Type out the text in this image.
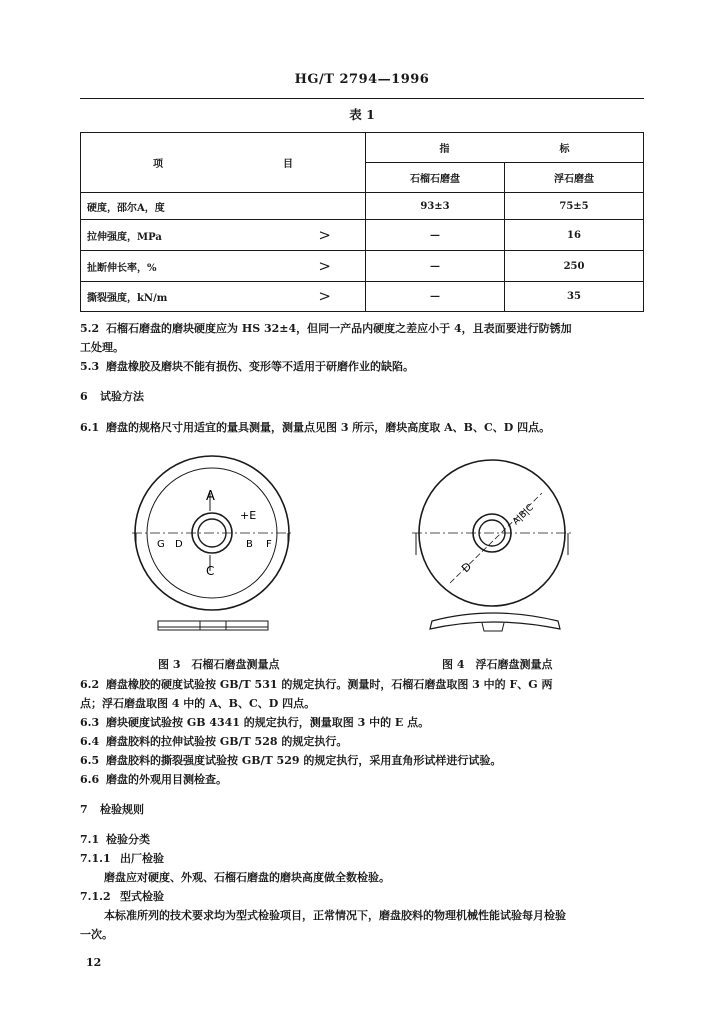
HG/T 2794—1996
表 1
项 目	指 标	
	石榴石磨盘	浮石磨盘
硬度，邵尔A，度	93±3	75±5
拉伸强度，MPa >	—	16
扯断伸长率，% >	—	250
撕裂强度，kN/m >	—	35
5.2 石榴石磨盘的磨块硬度应为 HS 32±4，但同一产品内硬度之差应小于 4，且表面要进行防锈加
工处理。
5.3 磨盘橡胶及磨块不能有损伤、变形等不适用于研磨作业的缺陷。
6 试验方法
6.1 磨盘的规格尺寸用适宜的量具测量，测量点见图 3 所示，磨块高度取 A、B、C、D 四点。
A
+E
G D	B F
C	D
A|B|C
图 3　石榴石磨盘测量点	图 4　浮石磨盘测量点
6.2 磨盘橡胶的硬度试验按 GB/T 531 的规定执行。测量时，石榴石磨盘取图 3 中的 F、G 两
点；浮石磨盘取图 4 中的 A、B、C、D 四点。
6.3 磨块硬度试验按 GB 4341 的规定执行，测量取图 3 中的 E 点。
6.4 磨盘胶料的拉伸试验按 GB/T 528 的规定执行。
6.5 磨盘胶料的撕裂强度试验按 GB/T 529 的规定执行，采用直角形试样进行试验。
6.6 磨盘的外观用目测检查。
7 检验规则
7.1 检验分类
7.1.1 出厂检验
磨盘应对硬度、外观、石榴石磨盘的磨块高度做全数检验。
7.1.2 型式检验
本标准所列的技术要求均为型式检验项目，正常情况下，磨盘胶料的物理机械性能试验每月检验
一次。
12
